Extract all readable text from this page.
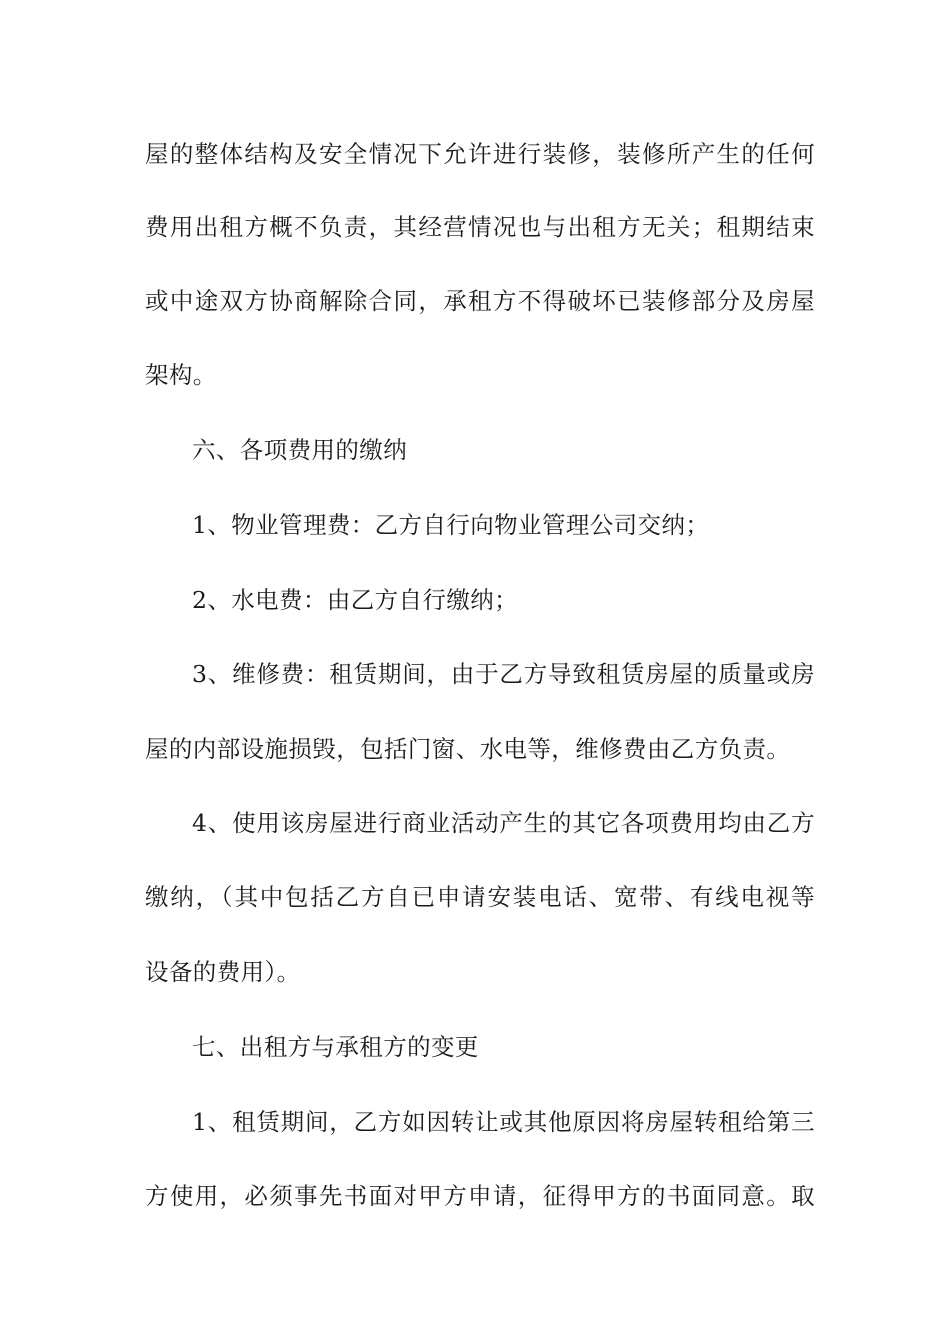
屋的整体结构及安全情况下允许进行装修，装修所产生的任何
费用出租方概不负责，其经营情况也与出租方无关；租期结束
或中途双方协商解除合同，承租方不得破坏已装修部分及房屋
架构。
六、各项费用的缴纳
1、物业管理费：乙方自行向物业管理公司交纳；
2、水电费：由乙方自行缴纳；
3、维修费：租赁期间，由于乙方导致租赁房屋的质量或房
屋的内部设施损毁，包括门窗、水电等，维修费由乙方负责。
4、使用该房屋进行商业活动产生的其它各项费用均由乙方
缴纳，（其中包括乙方自已申请安装电话、宽带、有线电视等
设备的费用）。
七、出租方与承租方的变更
1、租赁期间，乙方如因转让或其他原因将房屋转租给第三
方使用，必须事先书面对甲方申请，征得甲方的书面同意。取
